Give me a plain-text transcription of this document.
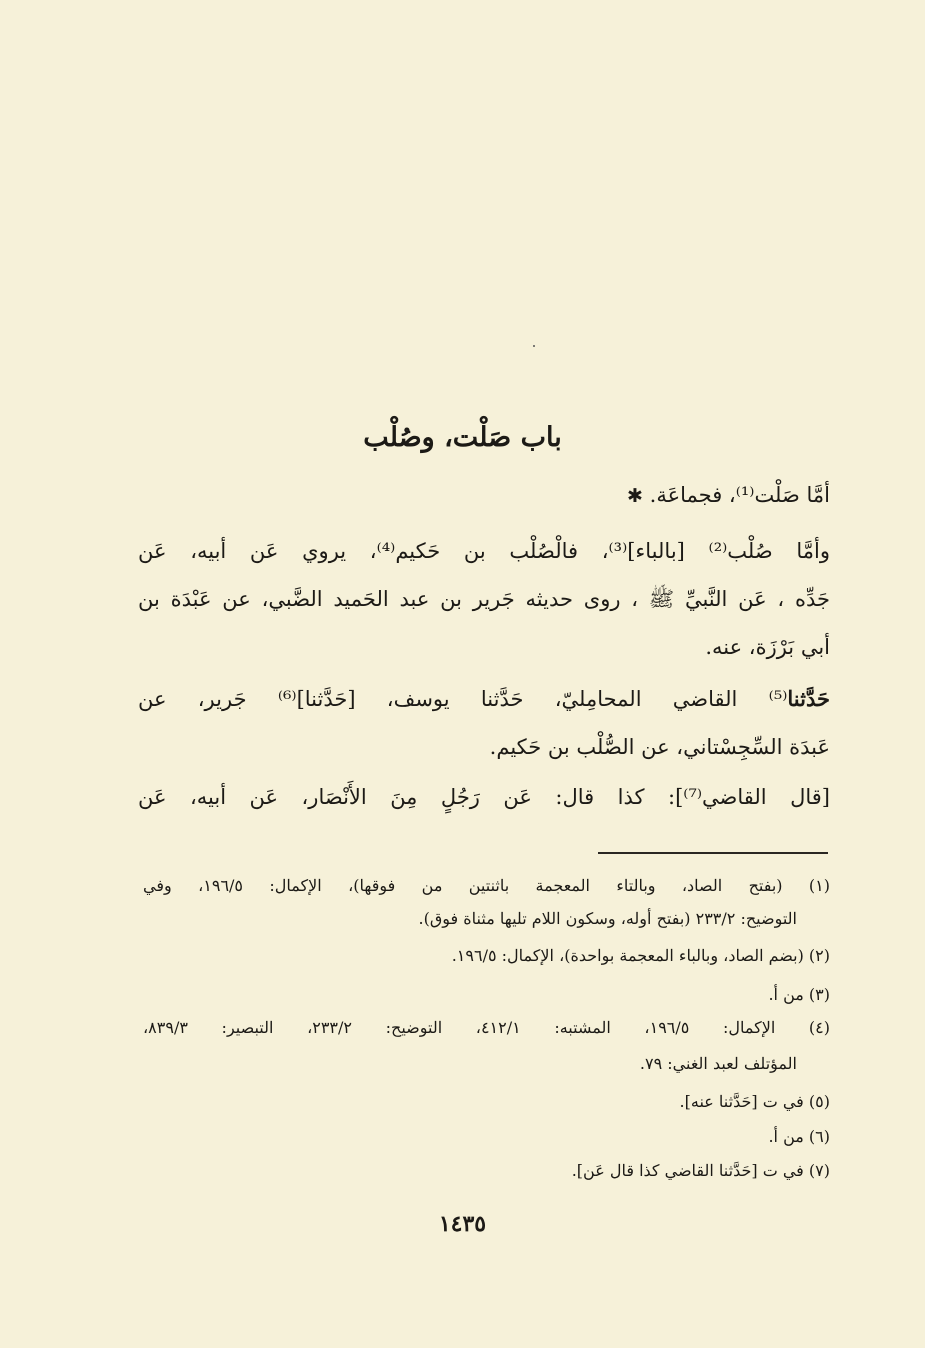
باب صَلْت، وصُلْب

أمَّا صَلْت⁽¹⁾، فجماعَة. ✱

وأمَّا صُلْب⁽²⁾ [بالباء]⁽³⁾، فالْصُلْب بن حَكيم⁽⁴⁾، يروي عَن أبيه، عَن

جَدِّه ، عَن النَّبيِّ ﷺ ، روى حديثه جَرير بن عبد الحَميد الضَّبي، عن عَبْدَة بن

أبي بَرْزَة، عنه.

حَدَّثنا⁽⁵⁾ القاضي المحامِليّ، حَدَّثنا يوسف، [حَدَّثنا]⁽⁶⁾ جَرير، عن

عَبدَة السِّجِسْتاني، عن الصُّلْب بن حَكيم.

[قال القاضي⁽⁷⁾]: كذا قال: عَن رَجُلٍ مِنَ الأَنْصَار، عَن أبيه، عَن

(١) (بفتح الصاد، وبالتاء المعجمة باثنتين من فوقها)، الإكمال: ١٩٦/٥، وفي

التوضيح: ٢٣٣/٢ (بفتح أوله، وسكون اللام تليها مثناة فوق).

(٢) (بضم الصاد، وبالباء المعجمة بواحدة)، الإكمال: ١٩٦/٥.

(٣) من أ.

(٤) الإكمال: ١٩٦/٥، المشتبه: ٤١٢/١، التوضيح: ٢٣٣/٢، التبصير: ٨٣٩/٣،

المؤتلف لعبد الغني: ٧٩.

(٥) في ت [حَدَّثنا عنه].

(٦) من أ.

(٧) في ت [حَدَّثنا القاضي كذا قال عَن].

١٤٣٥
